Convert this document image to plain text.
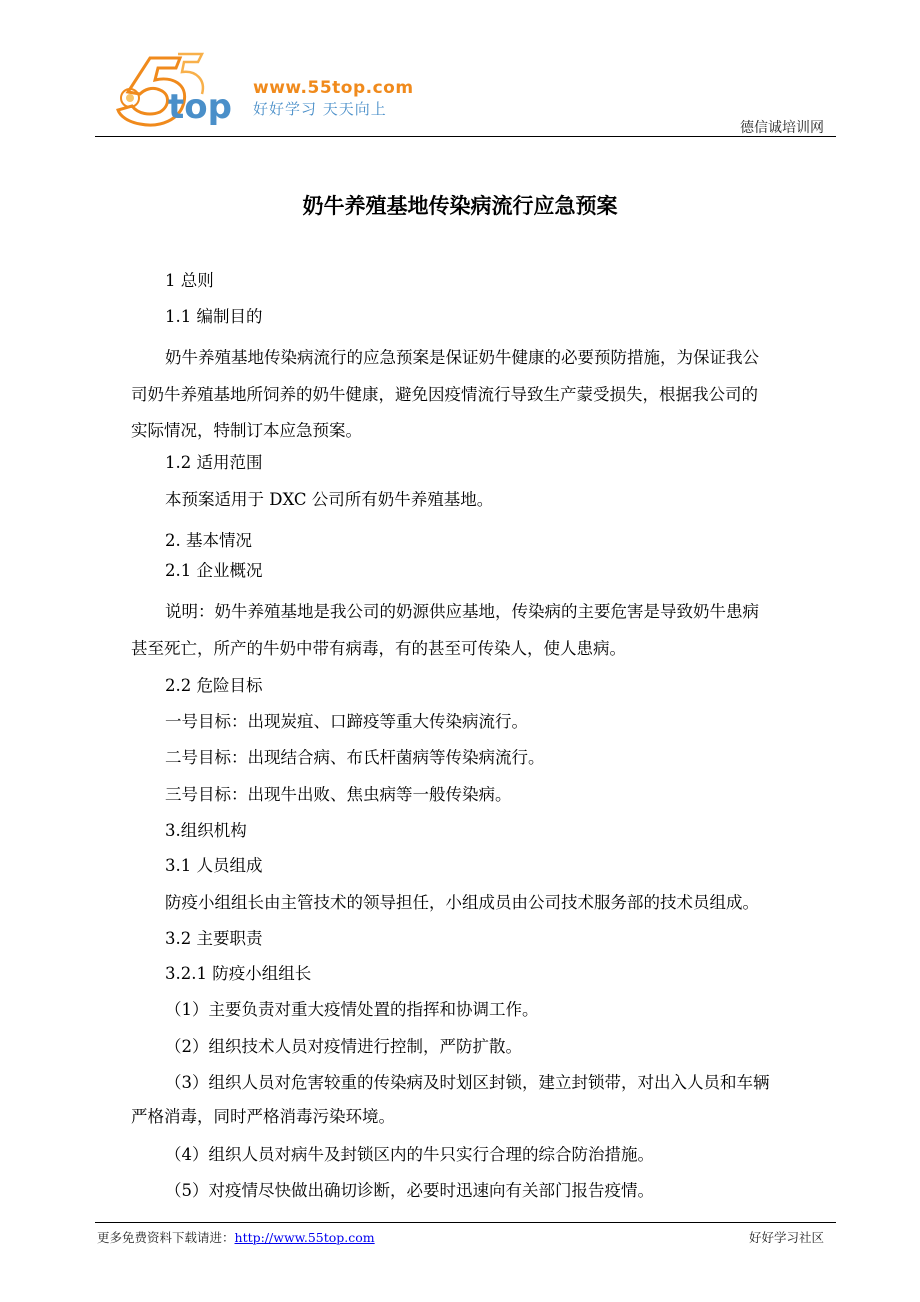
top www.55top.com
好好学习 天天向上
德信诚培训网
奶牛养殖基地传染病流行应急预案
1 总则
1.1 编制目的
奶牛养殖基地传染病流行的应急预案是保证奶牛健康的必要预防措施，为保证我公
司奶牛养殖基地所饲养的奶牛健康，避免因疫情流行导致生产蒙受损失，根据我公司的
实际情况，特制订本应急预案。
1.2 适用范围
本预案适用于 DXC 公司所有奶牛养殖基地。
2. 基本情况
2.1 企业概况
说明：奶牛养殖基地是我公司的奶源供应基地，传染病的主要危害是导致奶牛患病
甚至死亡，所产的牛奶中带有病毒，有的甚至可传染人，使人患病。
2.2 危险目标
一号目标：出现炭疽、口蹄疫等重大传染病流行。
二号目标：出现结合病、布氏杆菌病等传染病流行。
三号目标：出现牛出败、焦虫病等一般传染病。
3.组织机构
3.1 人员组成
防疫小组组长由主管技术的领导担任，小组成员由公司技术服务部的技术员组成。
3.2 主要职责
3.2.1 防疫小组组长
（1）主要负责对重大疫情处置的指挥和协调工作。
（2）组织技术人员对疫情进行控制，严防扩散。
（3）组织人员对危害较重的传染病及时划区封锁，建立封锁带，对出入人员和车辆
严格消毒，同时严格消毒污染环境。
（4）组织人员对病牛及封锁区内的牛只实行合理的综合防治措施。
（5）对疫情尽快做出确切诊断，必要时迅速向有关部门报告疫情。
更多免费资料下载请进：http://www.55top.com	好好学习社区
